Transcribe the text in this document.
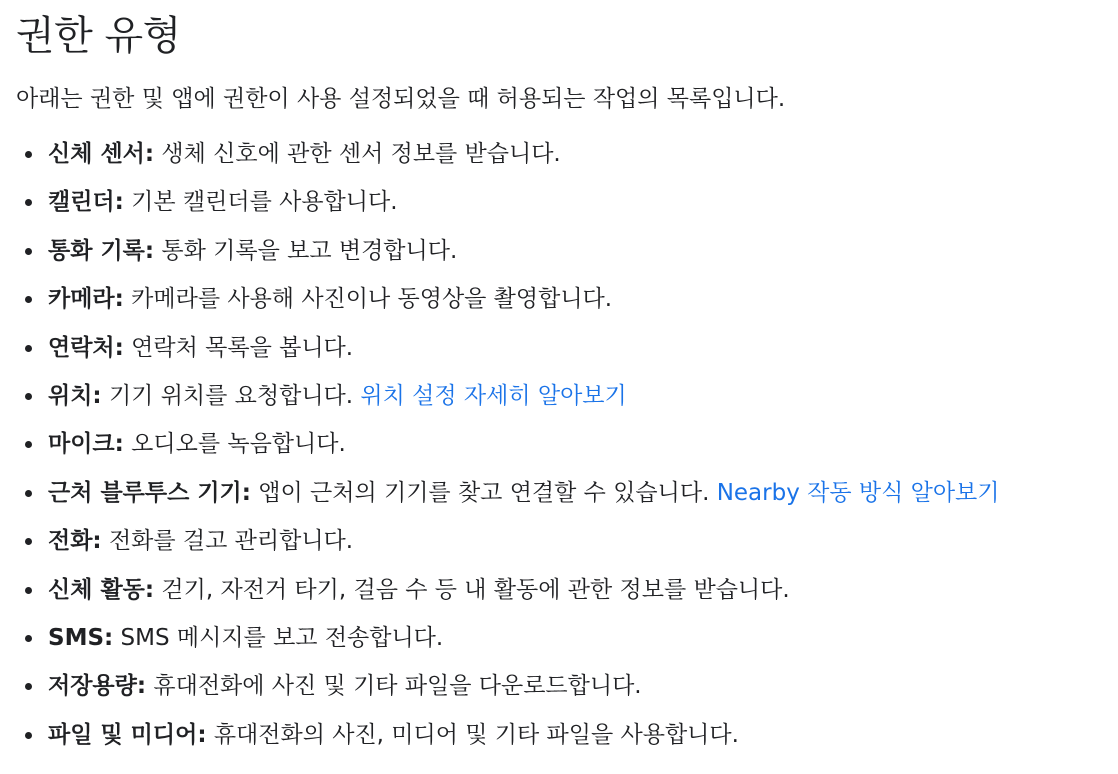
권한 유형

아래는 권한 및 앱에 권한이 사용 설정되었을 때 허용되는 작업의 목록입니다.

신체 센서: 생체 신호에 관한 센서 정보를 받습니다.
캘린더: 기본 캘린더를 사용합니다.
통화 기록: 통화 기록을 보고 변경합니다.
카메라: 카메라를 사용해 사진이나 동영상을 촬영합니다.
연락처: 연락처 목록을 봅니다.
위치: 기기 위치를 요청합니다. 위치 설정 자세히 알아보기
마이크: 오디오를 녹음합니다.
근처 블루투스 기기: 앱이 근처의 기기를 찾고 연결할 수 있습니다. Nearby 작동 방식 알아보기
전화: 전화를 걸고 관리합니다.
신체 활동: 걷기, 자전거 타기, 걸음 수 등 내 활동에 관한 정보를 받습니다.
SMS: SMS 메시지를 보고 전송합니다.
저장용량: 휴대전화에 사진 및 기타 파일을 다운로드합니다.
파일 및 미디어: 휴대전화의 사진, 미디어 및 기타 파일을 사용합니다.
